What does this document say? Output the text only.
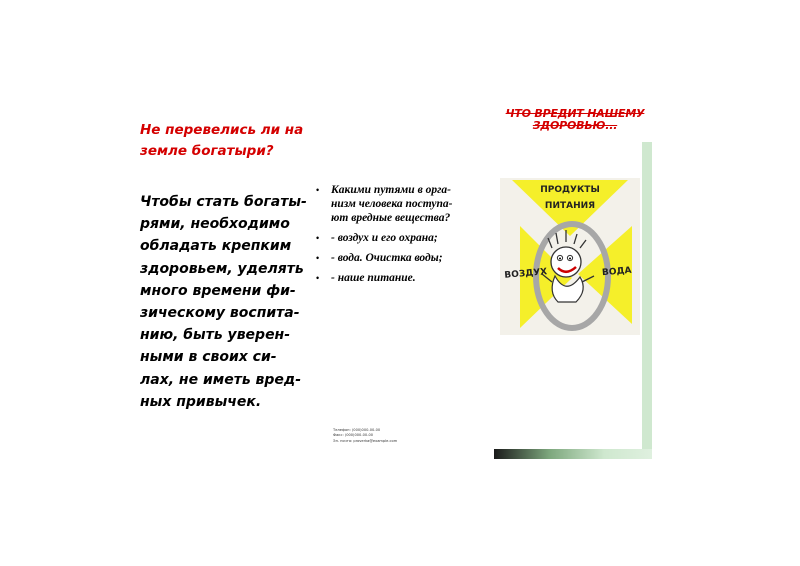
Не перевелись ли на
земле богатыри?
Чтобы стать богаты-
рями, необходимо
обладать крепким
здоровьем, уделять
много времени фи-
зическому воспита-
нию, быть уверен-
ными в своих си-
лах, не иметь вред-
ных привычек.
• Какими путями в орга-
низм человека поступа-
ют вредные вещества?
• - воздух и его охрана;
• - вода. Очистка воды;
• - наше питание.
Телефон: (000)000-00-00
Факс: (000)000-00-00
Эл. почта: proverka@example.com
ЧТО ВРЕДИТ НАШЕМУ
ЗДОРОВЬЮ...
ПРОДУКТЫ
ПИТАНИЯ
ВОЗДУХ	ВОДА
